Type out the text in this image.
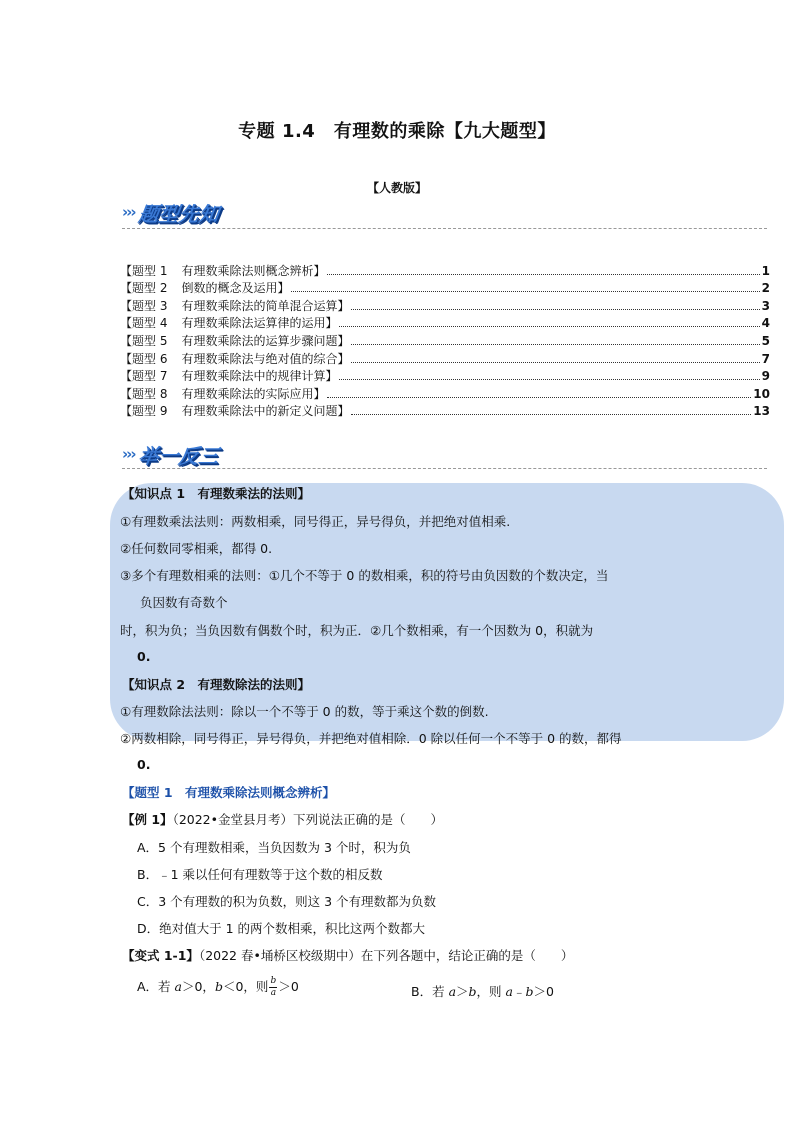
专题 1.4　有理数的乘除【九大题型】
【人教版】
››› 题型先知
【题型 1 有理数乘除法则概念辨析】	1
【题型 2 倒数的概念及运用】	2
【题型 3 有理数乘除法的简单混合运算】	3
【题型 4 有理数乘除法运算律的运用】	4
【题型 5 有理数乘除法的运算步骤问题】	5
【题型 6 有理数乘除法与绝对值的综合】	7
【题型 7 有理数乘除法中的规律计算】	9
【题型 8 有理数乘除法的实际应用】	10
【题型 9 有理数乘除法中的新定义问题】	13
››› 举一反三
【知识点 1　有理数乘法的法则】
①有理数乘法法则：两数相乘，同号得正，异号得负，并把绝对值相乘.
②任何数同零相乘，都得 0.
③多个有理数相乘的法则：①几个不等于 0 的数相乘，积的符号由负因数的个数决定，当
负因数有奇数个
时，积为负；当负因数有偶数个时，积为正．②几个数相乘，有一个因数为 0，积就为
0.
【知识点 2　有理数除法的法则】
①有理数除法法则：除以一个不等于 0 的数，等于乘这个数的倒数.
②两数相除，同号得正，异号得负，并把绝对值相除．0 除以任何一个不等于 0 的数，都得
0.
【题型 1　有理数乘除法则概念辨析】
【例 1】（2022•金堂县月考）下列说法正确的是（　　）
A．5 个有理数相乘，当负因数为 3 个时，积为负
B．﹣1 乘以任何有理数等于这个数的相反数
C．3 个有理数的积为负数，则这 3 个有理数都为负数
D．绝对值大于 1 的两个数相乘，积比这两个数都大
【变式 1-1】（2022 春•埇桥区校级期中）在下列各题中，结论正确的是（　　）
A．若 a＞0，b＜0，则 $\frac{b}{a} >0$	B．若 a＞b，则 a﹣b＞0
